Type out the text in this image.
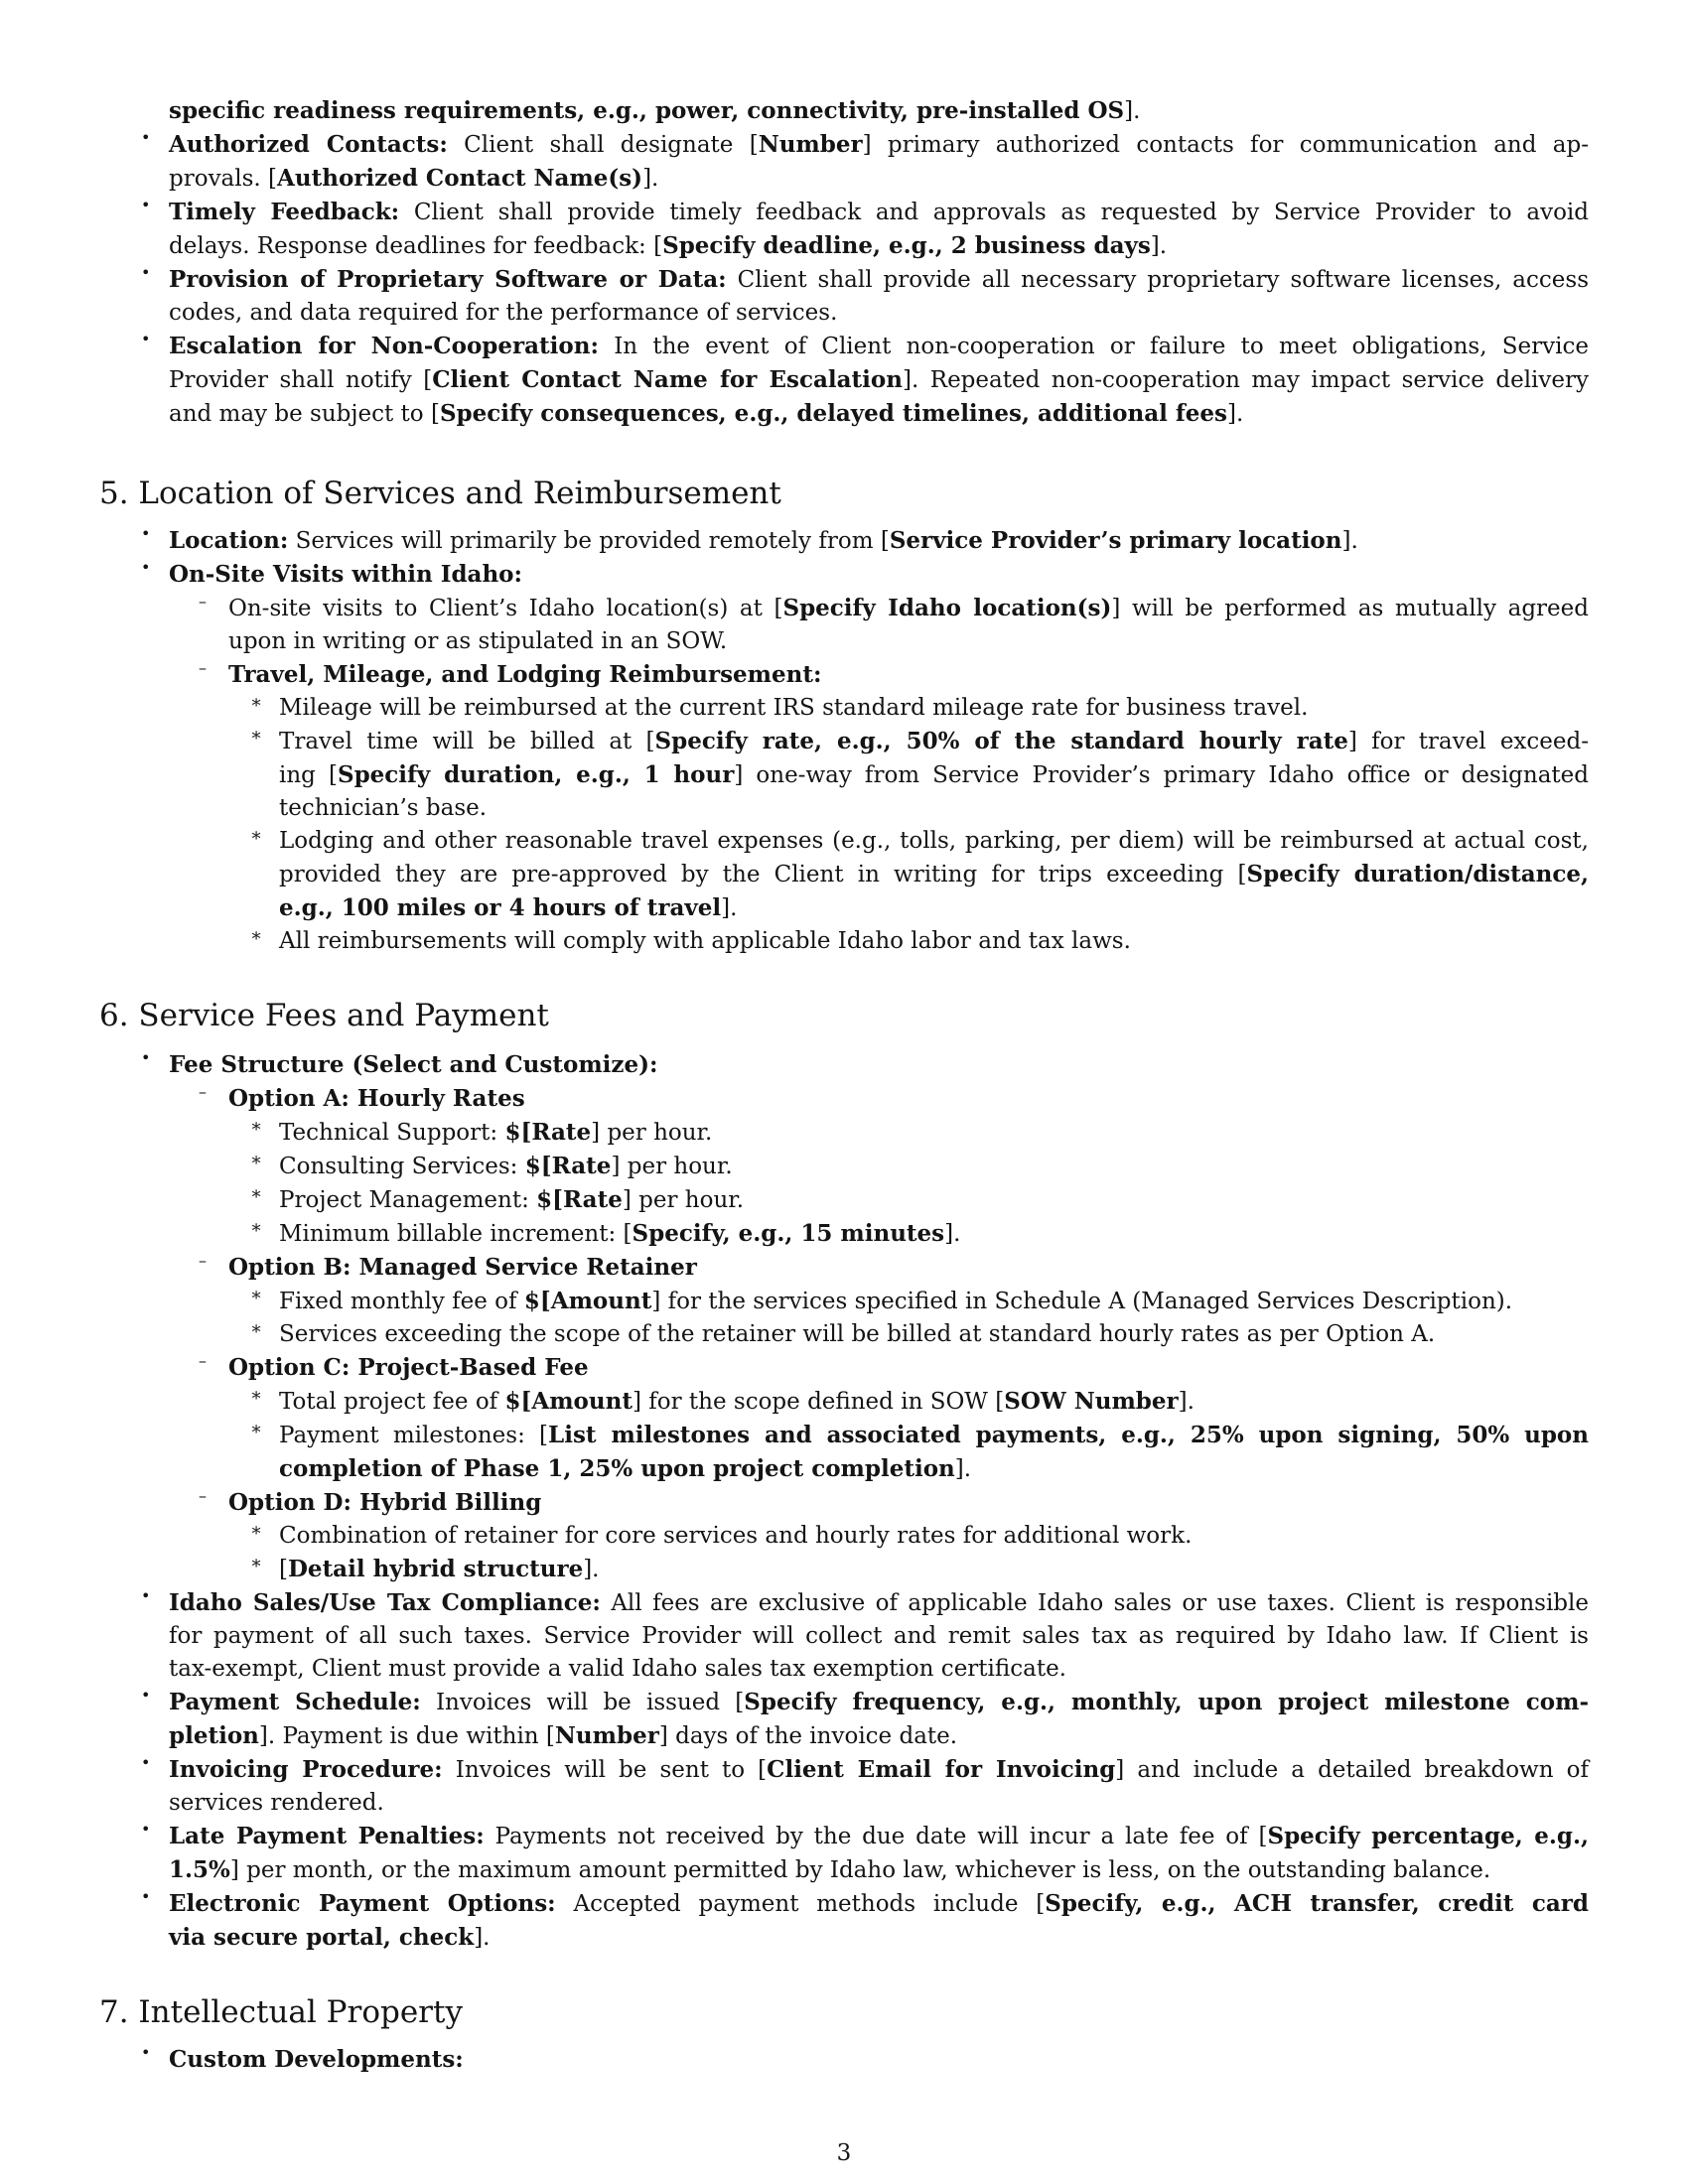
specific readiness requirements, e.g., power, connectivity, pre-installed OS].

• Authorized Contacts: Client shall designate [Number] primary authorized contacts for communication and ap-

provals. [Authorized Contact Name(s)].

• Timely Feedback: Client shall provide timely feedback and approvals as requested by Service Provider to avoid

delays. Response deadlines for feedback: [Specify deadline, e.g., 2 business days].

• Provision of Proprietary Software or Data: Client shall provide all necessary proprietary software licenses, access

codes, and data required for the performance of services.

• Escalation for Non-Cooperation: In the event of Client non-cooperation or failure to meet obligations, Service

Provider shall notify [Client Contact Name for Escalation]. Repeated non-cooperation may impact service delivery

and may be subject to [Specify consequences, e.g., delayed timelines, additional fees].

5. Location of Services and Reimbursement
• Location: Services will primarily be provided remotely from [Service Provider’s primary location].

• On-Site Visits within Idaho:

– On-site visits to Client’s Idaho location(s) at [Specify Idaho location(s)] will be performed as mutually agreed

upon in writing or as stipulated in an SOW.

– Travel, Mileage, and Lodging Reimbursement:

∗ Mileage will be reimbursed at the current IRS standard mileage rate for business travel.

∗ Travel time will be billed at [Specify rate, e.g., 50% of the standard hourly rate] for travel exceed-

ing [Specify duration, e.g., 1 hour] one-way from Service Provider’s primary Idaho office or designated

technician’s base.

∗ Lodging and other reasonable travel expenses (e.g., tolls, parking, per diem) will be reimbursed at actual cost,

provided they are pre-approved by the Client in writing for trips exceeding [Specify duration/distance,

e.g., 100 miles or 4 hours of travel].

∗ All reimbursements will comply with applicable Idaho labor and tax laws.

6. Service Fees and Payment
• Fee Structure (Select and Customize):

– Option A: Hourly Rates

∗ Technical Support: $[Rate] per hour.

∗ Consulting Services: $[Rate] per hour.

∗ Project Management: $[Rate] per hour.

∗ Minimum billable increment: [Specify, e.g., 15 minutes].

– Option B: Managed Service Retainer

∗ Fixed monthly fee of $[Amount] for the services specified in Schedule A (Managed Services Description).

∗ Services exceeding the scope of the retainer will be billed at standard hourly rates as per Option A.

– Option C: Project-Based Fee

∗ Total project fee of $[Amount] for the scope defined in SOW [SOW Number].

∗ Payment milestones: [List milestones and associated payments, e.g., 25% upon signing, 50% upon

completion of Phase 1, 25% upon project completion].

– Option D: Hybrid Billing

∗ Combination of retainer for core services and hourly rates for additional work.

∗ [Detail hybrid structure].

• Idaho Sales/Use Tax Compliance: All fees are exclusive of applicable Idaho sales or use taxes. Client is responsible

for payment of all such taxes. Service Provider will collect and remit sales tax as required by Idaho law. If Client is

tax-exempt, Client must provide a valid Idaho sales tax exemption certificate.

• Payment Schedule: Invoices will be issued [Specify frequency, e.g., monthly, upon project milestone com-

pletion]. Payment is due within [Number] days of the invoice date.

• Invoicing Procedure: Invoices will be sent to [Client Email for Invoicing] and include a detailed breakdown of

services rendered.

• Late Payment Penalties: Payments not received by the due date will incur a late fee of [Specify percentage, e.g.,

1.5%] per month, or the maximum amount permitted by Idaho law, whichever is less, on the outstanding balance.

• Electronic Payment Options: Accepted payment methods include [Specify, e.g., ACH transfer, credit card

via secure portal, check].

7. Intellectual Property
• Custom Developments:

3
